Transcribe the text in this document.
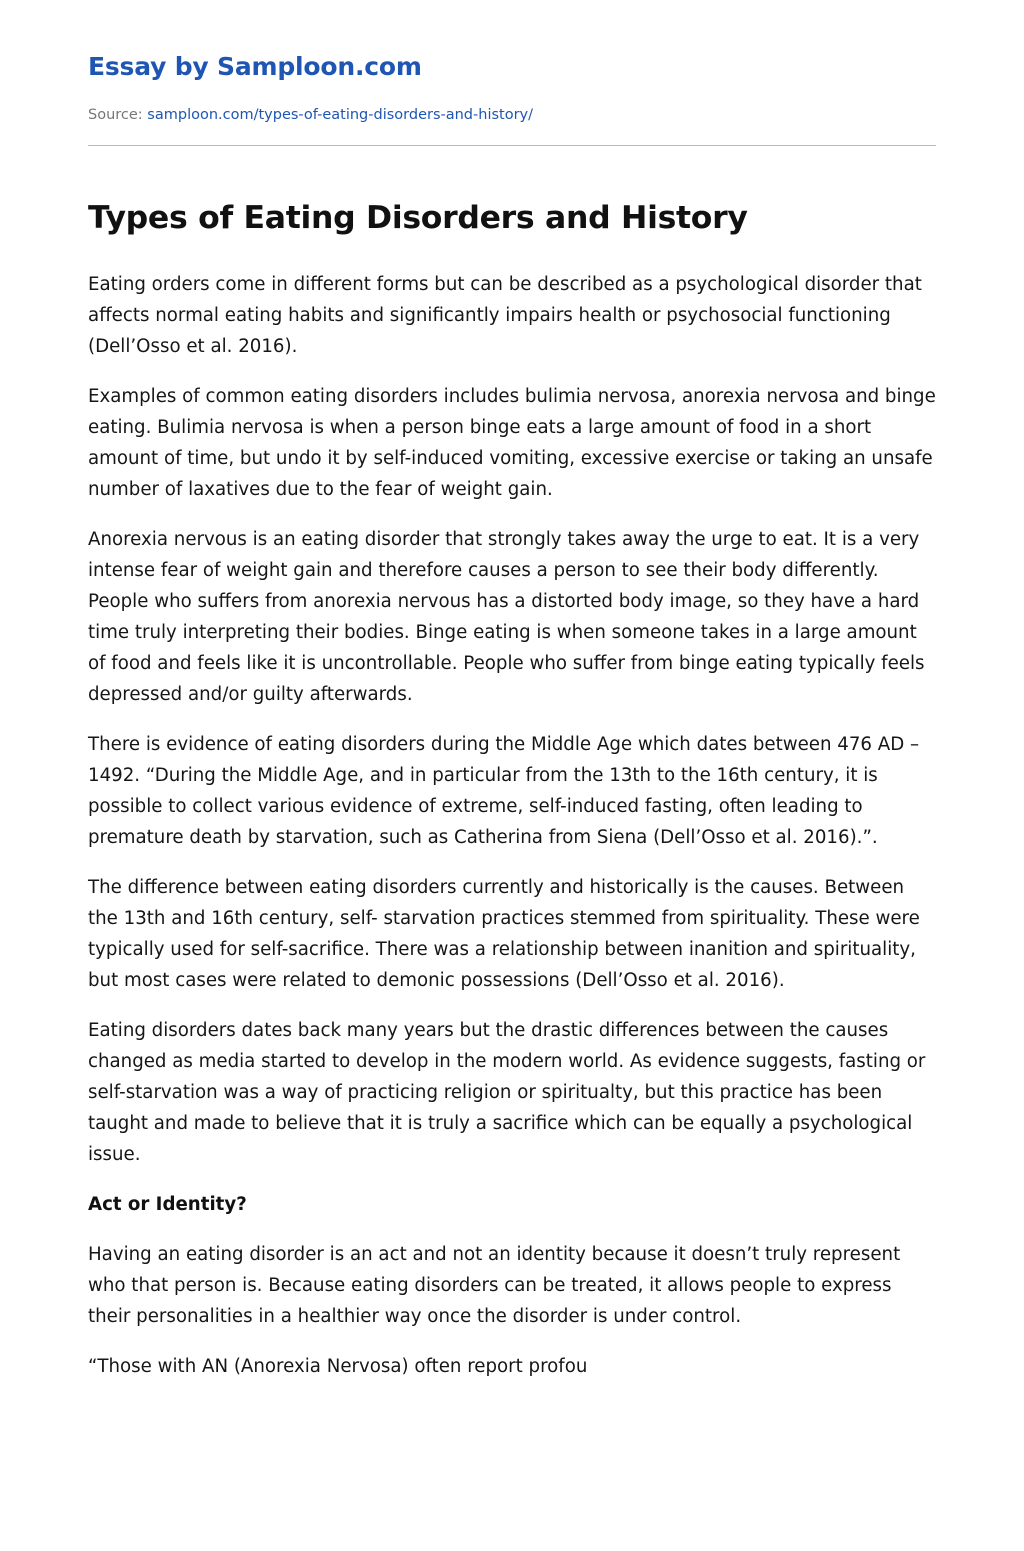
Essay by Samploon.com
Source: samploon.com/types-of-eating-disorders-and-history/
Types of Eating Disorders and History

Eating orders come in different forms but can be described as a psychological disorder that affects normal eating habits and significantly impairs health or psychosocial functioning (Dell’Osso et al. 2016).

Examples of common eating disorders includes bulimia nervosa, anorexia nervosa and binge eating. Bulimia nervosa is when a person binge eats a large amount of food in a short amount of time, but undo it by self-induced vomiting, excessive exercise or taking an unsafe number of laxatives due to the fear of weight gain.

Anorexia nervous is an eating disorder that strongly takes away the urge to eat. It is a very intense fear of weight gain and therefore causes a person to see their body differently. People who suffers from anorexia nervous has a distorted body image, so they have a hard time truly interpreting their bodies. Binge eating is when someone takes in a large amount of food and feels like it is uncontrollable. People who suffer from binge eating typically feels depressed and/or guilty afterwards.

There is evidence of eating disorders during the Middle Age which dates between 476 AD – 1492. “During the Middle Age, and in particular from the 13th to the 16th century, it is possible to collect various evidence of extreme, self-induced fasting, often leading to premature death by starvation, such as Catherina from Siena (Dell’Osso et al. 2016).”.

The difference between eating disorders currently and historically is the causes. Between the 13th and 16th century, self- starvation practices stemmed from spirituality. These were typically used for self-sacrifice. There was a relationship between inanition and spirituality, but most cases were related to demonic possessions (Dell’Osso et al. 2016).

Eating disorders dates back many years but the drastic differences between the causes changed as media started to develop in the modern world. As evidence suggests, fasting or self-starvation was a way of practicing religion or spiritualty, but this practice has been taught and made to believe that it is truly a sacrifice which can be equally a psychological issue.

Act or Identity?

Having an eating disorder is an act and not an identity because it doesn’t truly represent who that person is. Because eating disorders can be treated, it allows people to express their personalities in a healthier way once the disorder is under control.

“Those with AN (Anorexia Nervosa) often report profou
